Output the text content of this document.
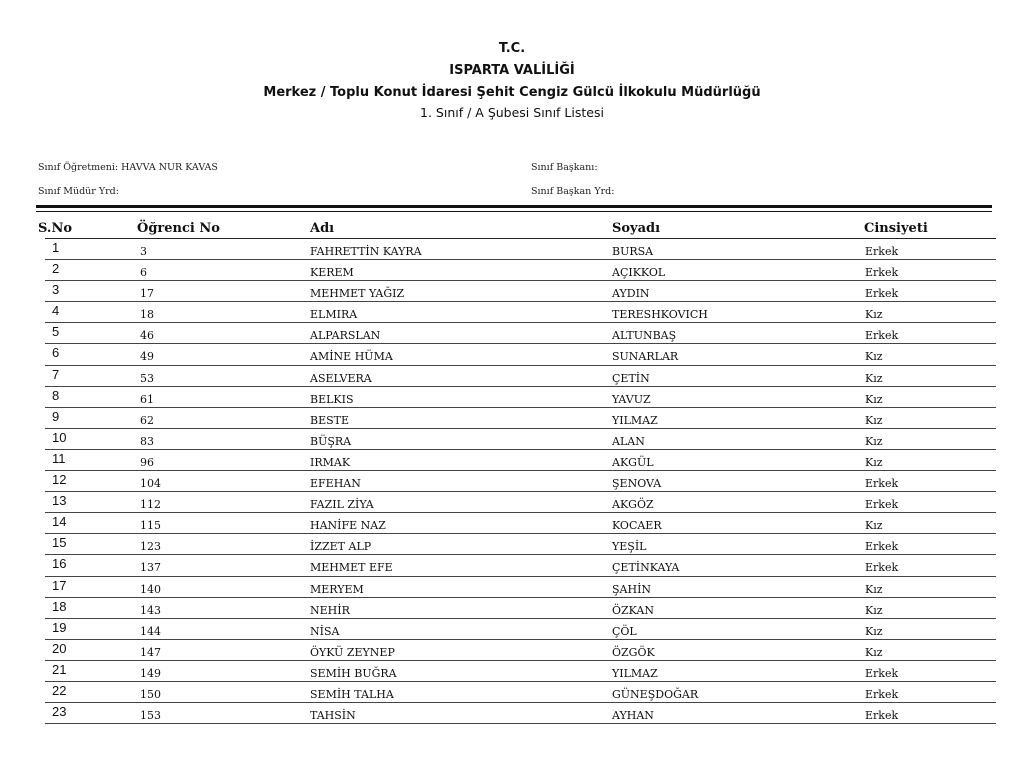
T.C.
ISPARTA VALİLİĞİ
Merkez / Toplu Konut İdaresi Şehit Cengiz Gülcü İlkokulu Müdürlüğü
1. Sınıf / A Şubesi Sınıf Listesi
Sınıf Öğretmeni: HAVVA NUR KAVAS
Sınıf Müdür Yrd:
Sınıf Başkanı:
Sınıf Başkan Yrd:
S.No	Öğrenci No	Adı	Soyadı	Cinsiyeti
1	3	FAHRETTİN KAYRA	BURSA	Erkek
2	6	KEREM	AÇIKKOL	Erkek
3	17	MEHMET YAĞIZ	AYDIN	Erkek
4	18	ELMIRA	TERESHKOVICH	Kız
5	46	ALPARSLAN	ALTUNBAŞ	Erkek
6	49	AMİNE HÜMA	SUNARLAR	Kız
7	53	ASELVERA	ÇETİN	Kız
8	61	BELKIS	YAVUZ	Kız
9	62	BESTE	YILMAZ	Kız
10	83	BÜŞRA	ALAN	Kız
11	96	IRMAK	AKGÜL	Kız
12	104	EFEHAN	ŞENOVA	Erkek
13	112	FAZIL ZİYA	AKGÖZ	Erkek
14	115	HANİFE NAZ	KOCAER	Kız
15	123	İZZET ALP	YEŞİL	Erkek
16	137	MEHMET EFE	ÇETİNKAYA	Erkek
17	140	MERYEM	ŞAHİN	Kız
18	143	NEHİR	ÖZKAN	Kız
19	144	NİSA	ÇÖL	Kız
20	147	ÖYKÜ ZEYNEP	ÖZGÖK	Kız
21	149	SEMİH BUĞRA	YILMAZ	Erkek
22	150	SEMİH TALHA	GÜNEŞDOĞAR	Erkek
23	153	TAHSİN	AYHAN	Erkek
